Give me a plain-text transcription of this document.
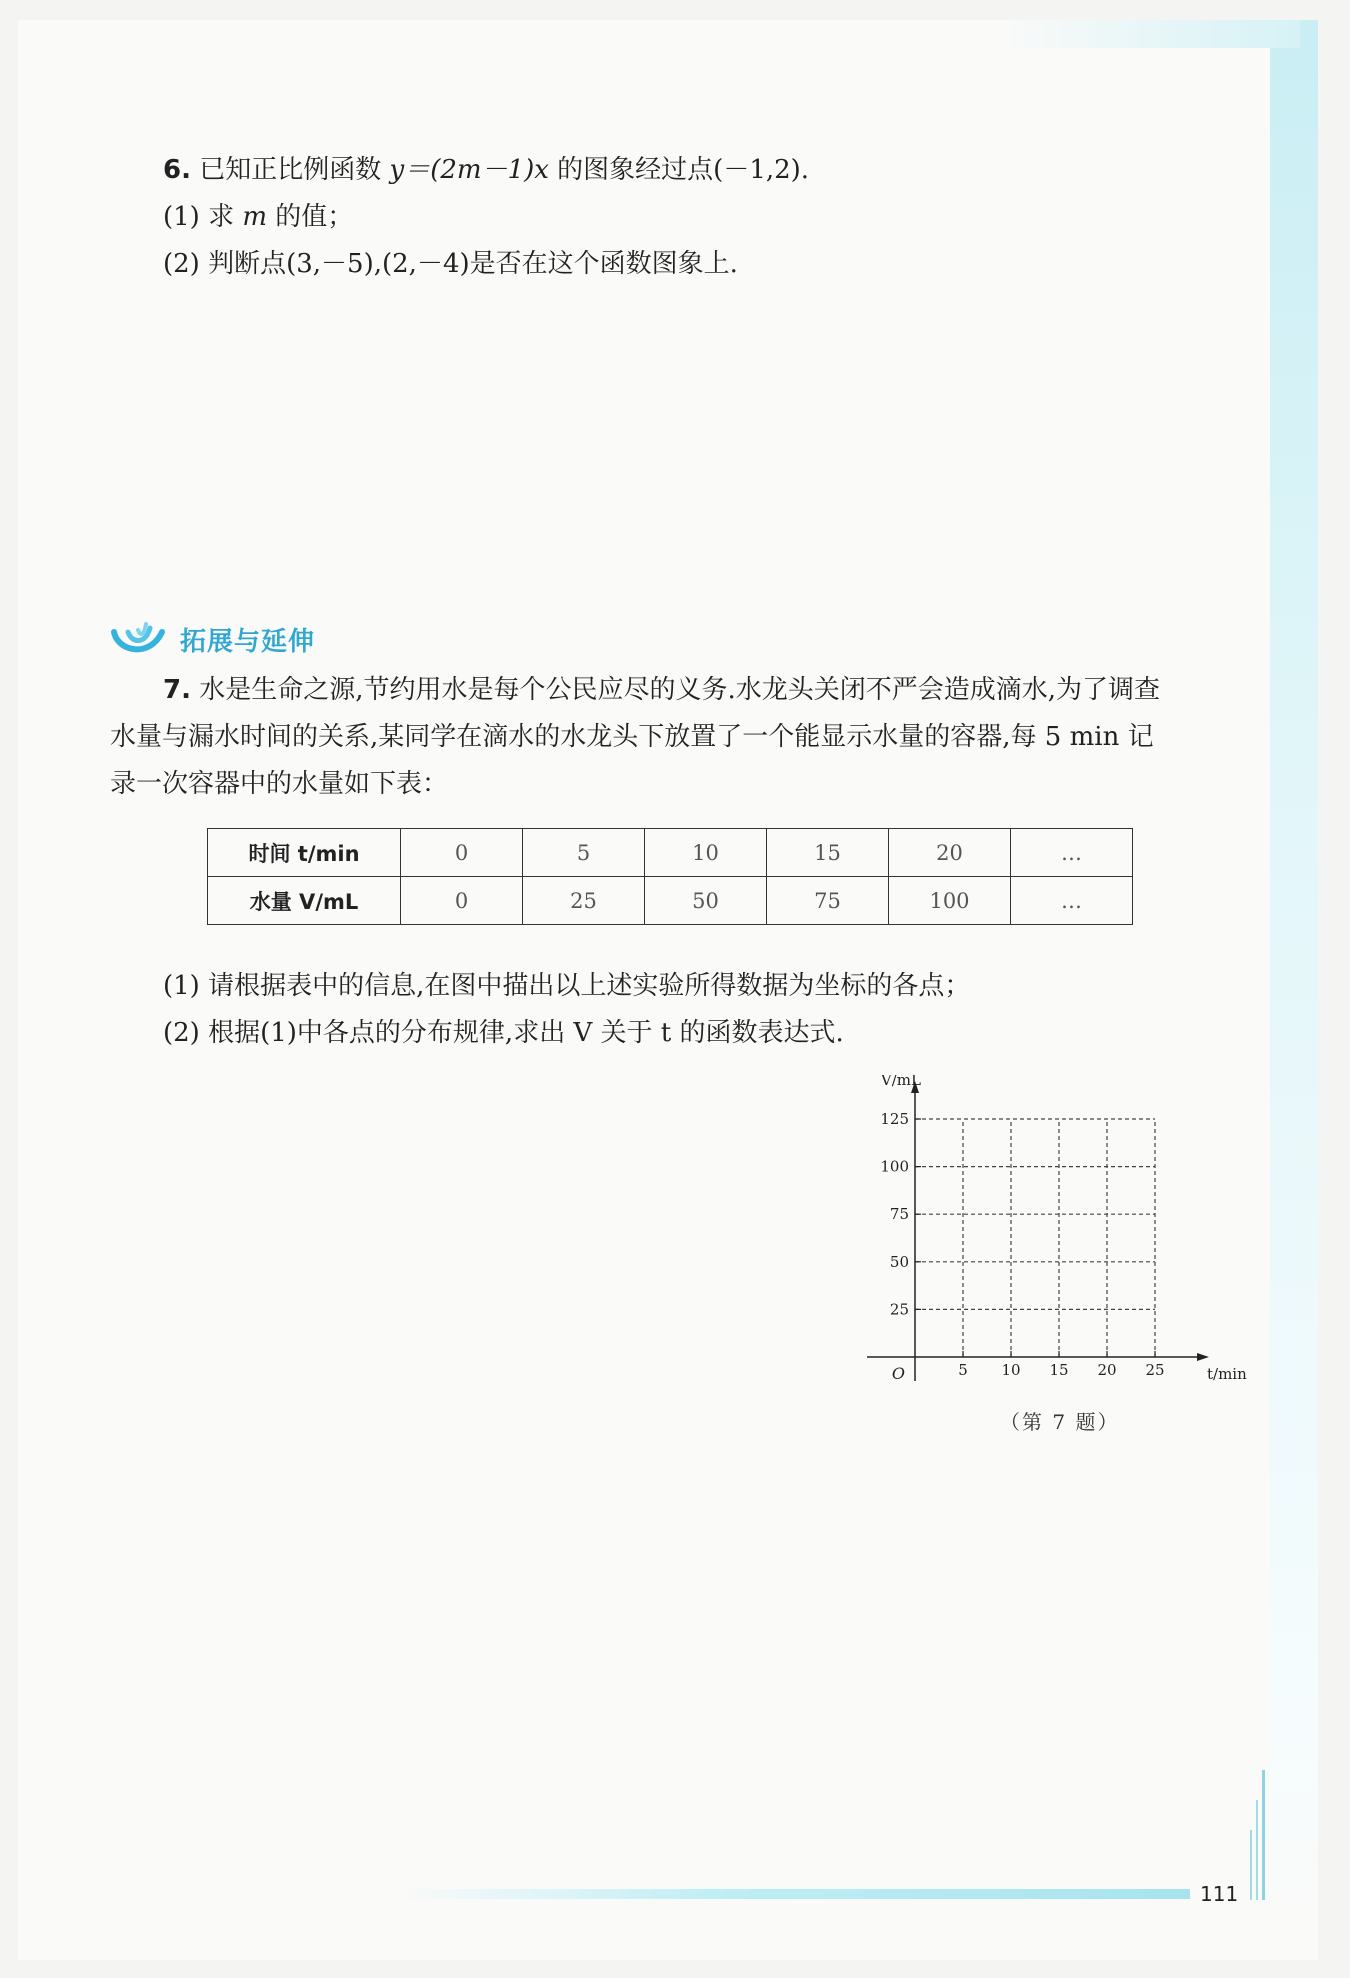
6. 已知正比例函数 y＝(2m－1)x 的图象经过点(－1,2).
(1) 求 m 的值；
(2) 判断点(3,－5),(2,－4)是否在这个函数图象上.
拓展与延伸
7. 水是生命之源,节约用水是每个公民应尽的义务.水龙头关闭不严会造成滴水,为了调查
水量与漏水时间的关系,某同学在滴水的水龙头下放置了一个能显示水量的容器,每 5 min 记
录一次容器中的水量如下表：
时间 t/min	0	5	10	15	20	…
水量 V/mL	0	25	50	75	100	…
(1) 请根据表中的信息,在图中描出以上述实验所得数据为坐标的各点；
(2) 根据(1)中各点的分布规律,求出 V 关于 t 的函数表达式.
5 10 15 20 25
25
50
75
100
125
O	t/min
V/mL
（第 7 题）
111
